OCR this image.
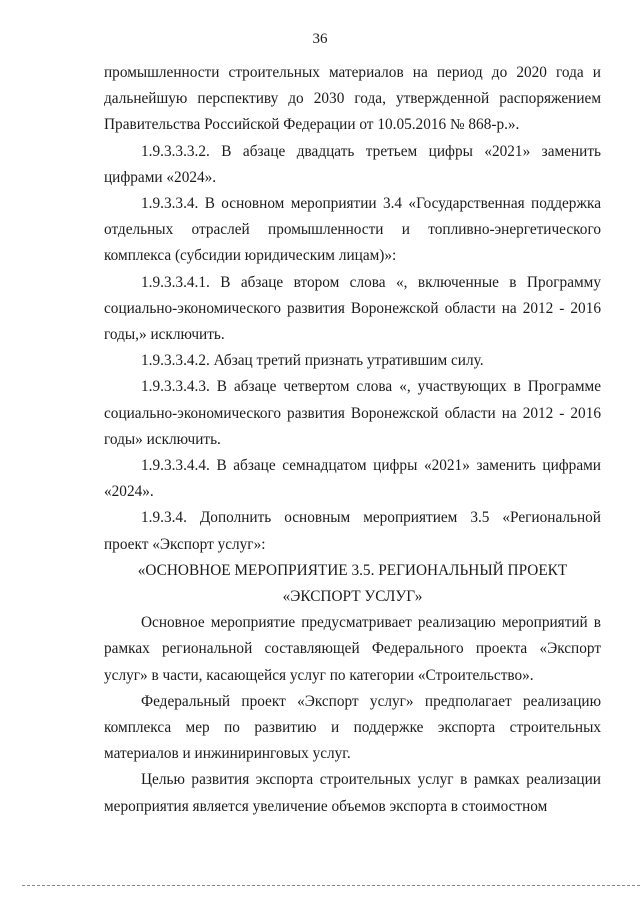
36

промышленности строительных материалов на период до 2020 года и дальнейшую перспективу до 2030 года, утвержденной распоряжением Правительства Российской Федерации от 10.05.2016 № 868-р.».

1.9.3.3.3.2. В абзаце двадцать третьем цифры «2021» заменить цифрами «2024».

1.9.3.3.4. В основном мероприятии 3.4 «Государственная поддержка отдельных отраслей промышленности и топливно-энергетического комплекса (субсидии юридическим лицам)»:

1.9.3.3.4.1. В абзаце втором слова «, включенные в Программу социально-экономического развития Воронежской области на 2012 - 2016 годы,» исключить.

1.9.3.3.4.2. Абзац третий признать утратившим силу.

1.9.3.3.4.3. В абзаце четвертом слова «, участвующих в Программе социально-экономического развития Воронежской области на 2012 - 2016 годы» исключить.

1.9.3.3.4.4. В абзаце семнадцатом цифры «2021» заменить цифрами «2024».

1.9.3.4. Дополнить основным мероприятием 3.5 «Региональной проект «Экспорт услуг»:

«ОСНОВНОЕ МЕРОПРИЯТИЕ 3.5. РЕГИОНАЛЬНЫЙ ПРОЕКТ

«ЭКСПОРТ УСЛУГ»

Основное мероприятие предусматривает реализацию мероприятий в рамках региональной составляющей Федерального проекта «Экспорт услуг» в части, касающейся услуг по категории «Строительство».

Федеральный проект «Экспорт услуг» предполагает реализацию комплекса мер по развитию и поддержке экспорта строительных материалов и инжиниринговых услуг.

Целью развития экспорта строительных услуг в рамках реализации мероприятия является увеличение объемов экспорта в стоимостном
